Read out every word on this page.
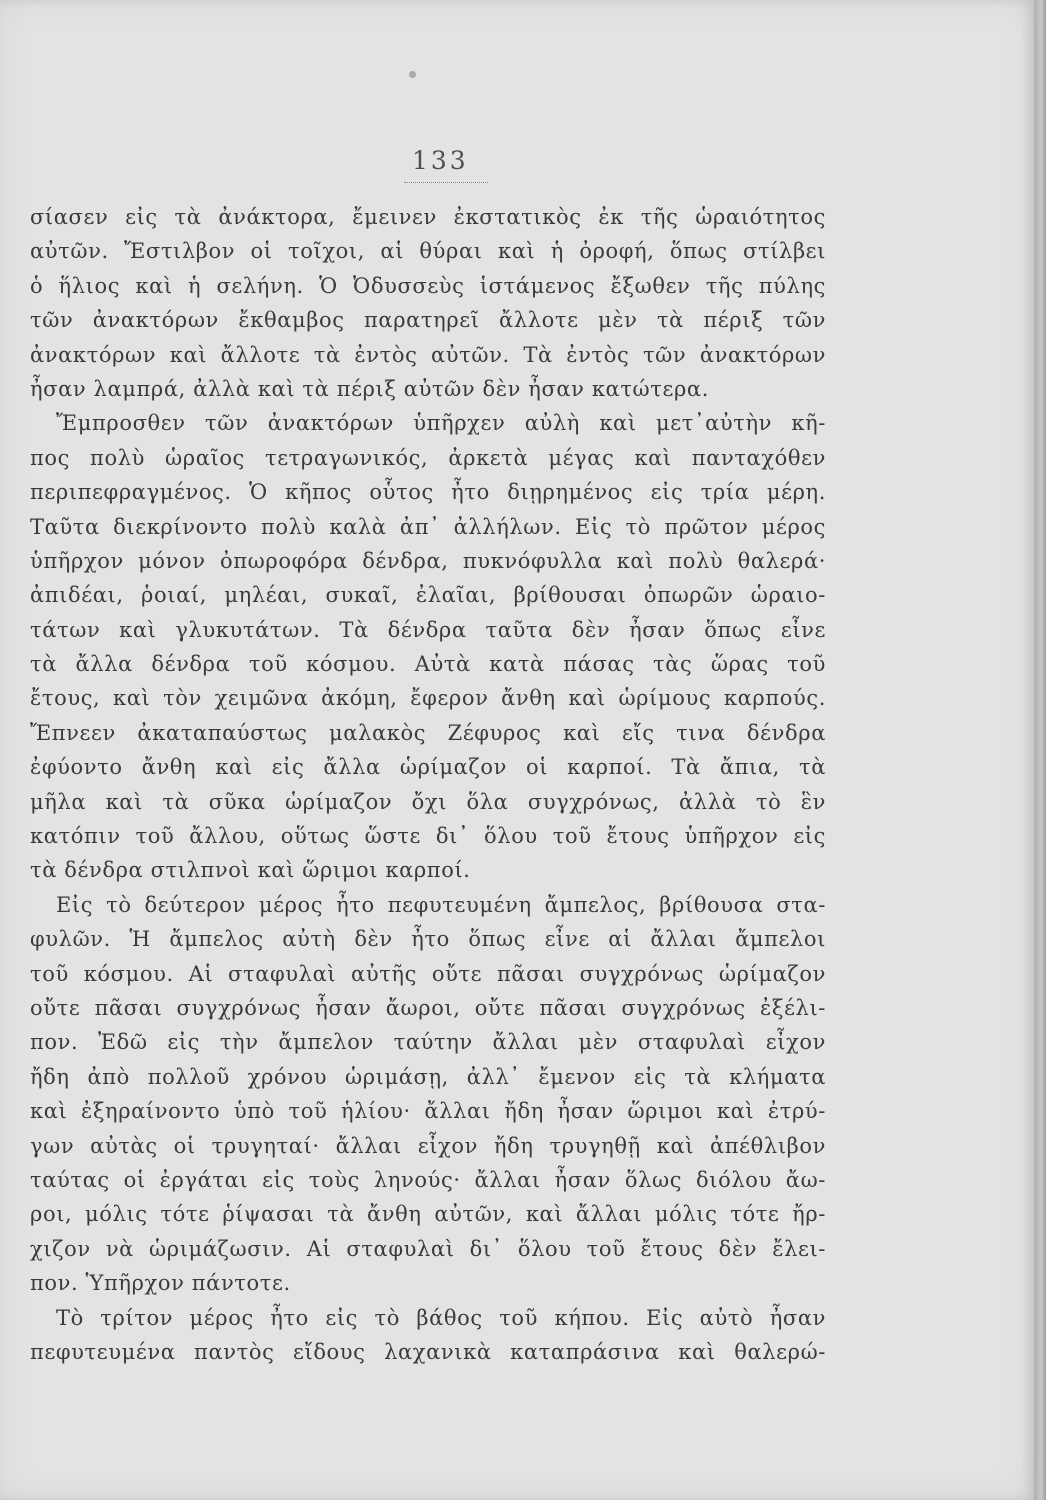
133
σίασεν εἰς τὰ ἀνάκτορα, ἔμεινεν ἐκστατικὸς ἐκ τῆς ὡραιότητος
αὐτῶν. Ἔστιλβον οἱ τοῖχοι, αἱ θύραι καὶ ἡ ὀροφή, ὅπως στίλβει
ὁ ἥλιος καὶ ἡ σελήνη. Ὁ Ὀδυσσεὺς ἱστάμενος ἔξωθεν τῆς πύλης
τῶν ἀνακτόρων ἔκθαμβος παρατηρεῖ ἄλλοτε μὲν τὰ πέριξ τῶν
ἀνακτόρων καὶ ἄλλοτε τὰ ἐντὸς αὐτῶν. Τὰ ἐντὸς τῶν ἀνακτόρων
ἦσαν λαμπρά, ἀλλὰ καὶ τὰ πέριξ αὐτῶν δὲν ἦσαν κατώτερα.
Ἔμπροσθεν τῶν ἀνακτόρων ὑπῆρχεν αὐλὴ καὶ μετ᾽αὐτὴν κῆ-
πος πολὺ ὡραῖος τετραγωνικός, ἀρκετὰ μέγας καὶ πανταχόθεν
περιπεφραγμένος. Ὁ κῆπος οὗτος ἦτο διῃρημένος εἰς τρία μέρη.
Ταῦτα διεκρίνοντο πολὺ καλὰ ἀπ᾽ ἀλλήλων. Εἰς τὸ πρῶτον μέρος
ὑπῆρχον μόνον ὀπωροφόρα δένδρα, πυκνόφυλλα καὶ πολὺ θαλερά·
ἀπιδέαι, ῥοιαί, μηλέαι, συκαῖ, ἐλαῖαι, βρίθουσαι ὀπωρῶν ὡραιο-
τάτων καὶ γλυκυτάτων. Τὰ δένδρα ταῦτα δὲν ἦσαν ὅπως εἶνε
τὰ ἄλλα δένδρα τοῦ κόσμου. Αὐτὰ κατὰ πάσας τὰς ὥρας τοῦ
ἔτους, καὶ τὸν χειμῶνα ἀκόμη, ἔφερον ἄνθη καὶ ὡρίμους καρπούς.
Ἔπνεεν ἀκαταπαύστως μαλακὸς Ζέφυρος καὶ εἴς τινα δένδρα
ἐφύοντο ἄνθη καὶ εἰς ἄλλα ὡρίμαζον οἱ καρποί. Τὰ ἄπια, τὰ
μῆλα καὶ τὰ σῦκα ὡρίμαζον ὄχι ὅλα συγχρόνως, ἀλλὰ τὸ ἓν
κατόπιν τοῦ ἄλλου, οὕτως ὥστε δι᾽ ὅλου τοῦ ἔτους ὑπῆρχον εἰς
τὰ δένδρα στιλπνοὶ καὶ ὥριμοι καρποί.
Εἰς τὸ δεύτερον μέρος ἦτο πεφυτευμένη ἄμπελος, βρίθουσα στα-
φυλῶν. Ἡ ἄμπελος αὐτὴ δὲν ἦτο ὅπως εἶνε αἱ ἄλλαι ἄμπελοι
τοῦ κόσμου. Αἱ σταφυλαὶ αὐτῆς οὔτε πᾶσαι συγχρόνως ὡρίμαζον
οὔτε πᾶσαι συγχρόνως ἦσαν ἄωροι, οὔτε πᾶσαι συγχρόνως ἐξέλι-
πον. Ἐδῶ εἰς τὴν ἄμπελον ταύτην ἄλλαι μὲν σταφυλαὶ εἶχον
ἤδη ἀπὸ πολλοῦ χρόνου ὡριμάσῃ, ἀλλ᾽ ἔμενον εἰς τὰ κλήματα
καὶ ἐξηραίνοντο ὑπὸ τοῦ ἡλίου· ἄλλαι ἤδη ἦσαν ὥριμοι καὶ ἐτρύ-
γων αὐτὰς οἱ τρυγηταί· ἄλλαι εἶχον ἤδη τρυγηθῇ καὶ ἀπέθλιβον
ταύτας οἱ ἐργάται εἰς τοὺς ληνούς· ἄλλαι ἦσαν ὅλως διόλου ἄω-
ροι, μόλις τότε ῥίψασαι τὰ ἄνθη αὐτῶν, καὶ ἄλλαι μόλις τότε ἤρ-
χιζον νὰ ὡριμάζωσιν. Αἱ σταφυλαὶ δι᾽ ὅλου τοῦ ἔτους δὲν ἔλει-
πον. Ὑπῆρχον πάντοτε.
Τὸ τρίτον μέρος ἦτο εἰς τὸ βάθος τοῦ κήπου. Εἰς αὐτὸ ἦσαν
πεφυτευμένα παντὸς εἴδους λαχανικὰ καταπράσινα καὶ θαλερώ-
